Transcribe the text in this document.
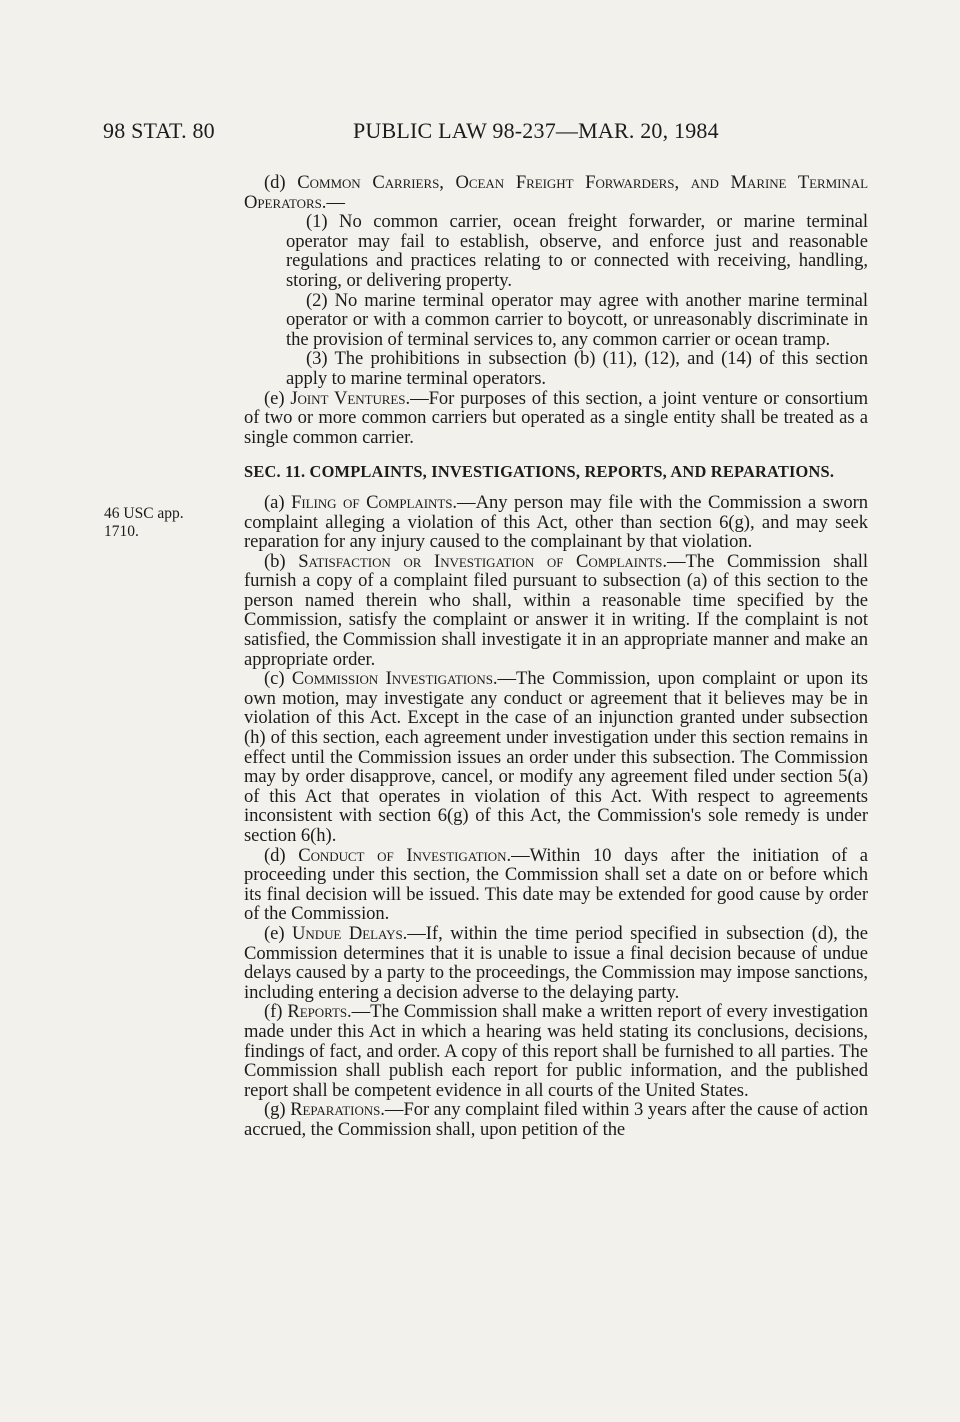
98 STAT. 80	PUBLIC LAW 98-237—MAR. 20, 1984
46 USC app.
1710.

(d) Common Carriers, Ocean Freight Forwarders, and Marine Terminal Operators.—

(1) No common carrier, ocean freight forwarder, or marine terminal operator may fail to establish, observe, and enforce just and reasonable regulations and practices relating to or connected with receiving, handling, storing, or delivering property.

(2) No marine terminal operator may agree with another marine terminal operator or with a common carrier to boycott, or unreasonably discriminate in the provision of terminal services to, any common carrier or ocean tramp.

(3) The prohibitions in subsection (b) (11), (12), and (14) of this section apply to marine terminal operators.

(e) Joint Ventures.—For purposes of this section, a joint venture or consortium of two or more common carriers but operated as a single entity shall be treated as a single common carrier.

SEC. 11. COMPLAINTS, INVESTIGATIONS, REPORTS, AND REPARATIONS.

(a) Filing of Complaints.—Any person may file with the Commission a sworn complaint alleging a violation of this Act, other than section 6(g), and may seek reparation for any injury caused to the complainant by that violation.

(b) Satisfaction or Investigation of Complaints.—The Commission shall furnish a copy of a complaint filed pursuant to subsection (a) of this section to the person named therein who shall, within a reasonable time specified by the Commission, satisfy the complaint or answer it in writing. If the complaint is not satisfied, the Commission shall investigate it in an appropriate manner and make an appropriate order.

(c) Commission Investigations.—The Commission, upon complaint or upon its own motion, may investigate any conduct or agreement that it believes may be in violation of this Act. Except in the case of an injunction granted under subsection (h) of this section, each agreement under investigation under this section remains in effect until the Commission issues an order under this subsection. The Commission may by order disapprove, cancel, or modify any agreement filed under section 5(a) of this Act that operates in violation of this Act. With respect to agreements inconsistent with section 6(g) of this Act, the Commission's sole remedy is under section 6(h).

(d) Conduct of Investigation.—Within 10 days after the initiation of a proceeding under this section, the Commission shall set a date on or before which its final decision will be issued. This date may be extended for good cause by order of the Commission.

(e) Undue Delays.—If, within the time period specified in subsection (d), the Commission determines that it is unable to issue a final decision because of undue delays caused by a party to the proceedings, the Commission may impose sanctions, including entering a decision adverse to the delaying party.

(f) Reports.—The Commission shall make a written report of every investigation made under this Act in which a hearing was held stating its conclusions, decisions, findings of fact, and order. A copy of this report shall be furnished to all parties. The Commission shall publish each report for public information, and the published report shall be competent evidence in all courts of the United States.

(g) Reparations.—For any complaint filed within 3 years after the cause of action accrued, the Commission shall, upon petition of the
